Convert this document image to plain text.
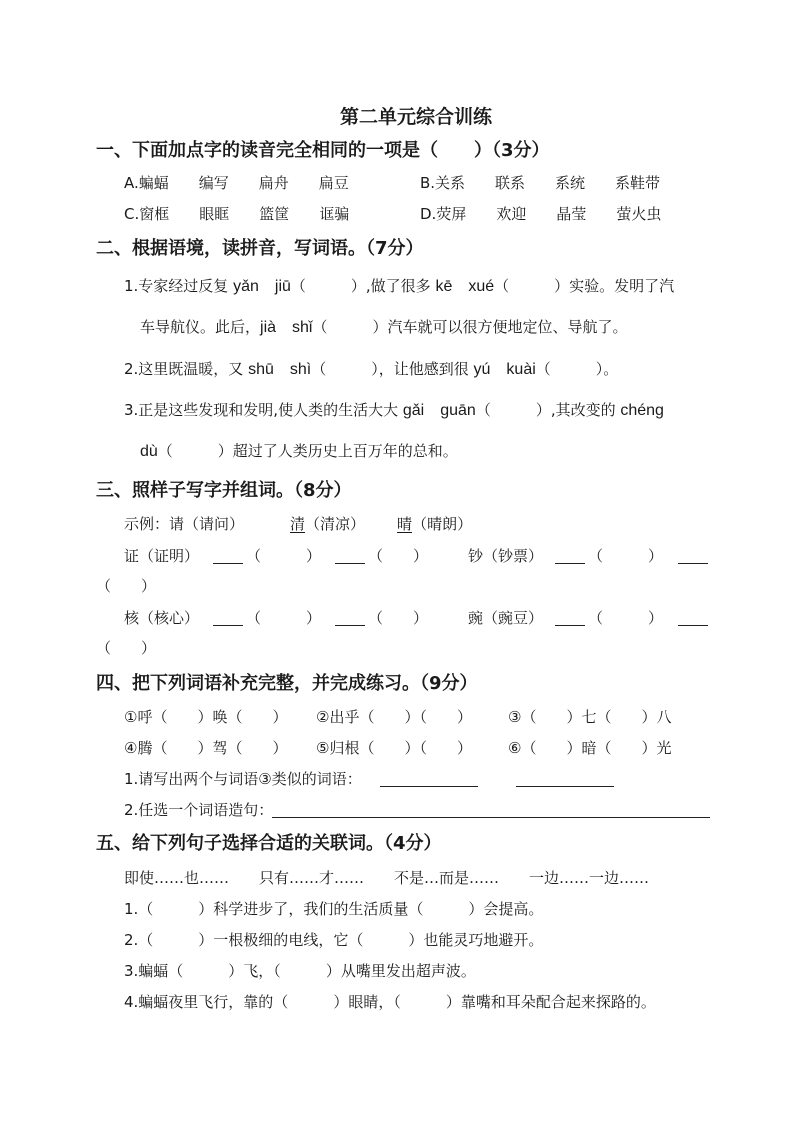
第二单元综合训练
一、下面加点字的读音完全相同的一项是（　　）（3分）
A.蝙蝠　　编写　　扁舟　　扁豆	B.关系　　联系　　系统　　系鞋带
C.窗框　　眼眶　　篮筐　　诓骗	D.荧屏　　欢迎　　晶莹　　萤火虫
二、根据语境，读拼音，写词语。（7分）
1.专家经过反复 yǎn　jiū（　　　）,做了很多 kē　xué（　　　）实验。发明了汽
车导航仪。此后，jià　shǐ（　　　）汽车就可以很方便地定位、导航了。
2.这里既温暖，又 shū　shì（　　　），让他感到很 yú　kuài（　　　）。
3.正是这些发现和发明,使人类的生活大大 gǎi　guān（　　　）,其改变的 chéng
dù（　　　）超过了人类历史上百万年的总和。
三、照样子写字并组词。（8分）
示例：请（请问）	清（清凉） 晴（晴朗）
证（证明）	（　　　）	（　　）	钞（钞票）	（　　　）
（　　）
核（核心）	（　　　）	（　　）	豌（豌豆）	（　　　）
（　　）
四、把下列词语补充完整，并完成练习。（9分）
①呼（　　）唤（　　） ②出乎（　　）（　　） ③（　　）七（　　）八
④腾（　　）驾（　　） ⑤归根（　　）（　　） ⑥（　　）暗（　　）光
1.请写出两个与词语③类似的词语：
2.任选一个词语造句：
五、给下列句子选择合适的关联词。（4分）
即使……也……　　只有……才……　　不是…而是……　　一边……一边……
1.（　　　）科学进步了，我们的生活质量（　　　）会提高。
2.（　　　）一根极细的电线，它（　　　）也能灵巧地避开。
3.蝙蝠（　　　）飞，（　　　）从嘴里发出超声波。
4.蝙蝠夜里飞行，靠的（　　　）眼睛，（　　　）靠嘴和耳朵配合起来探路的。
